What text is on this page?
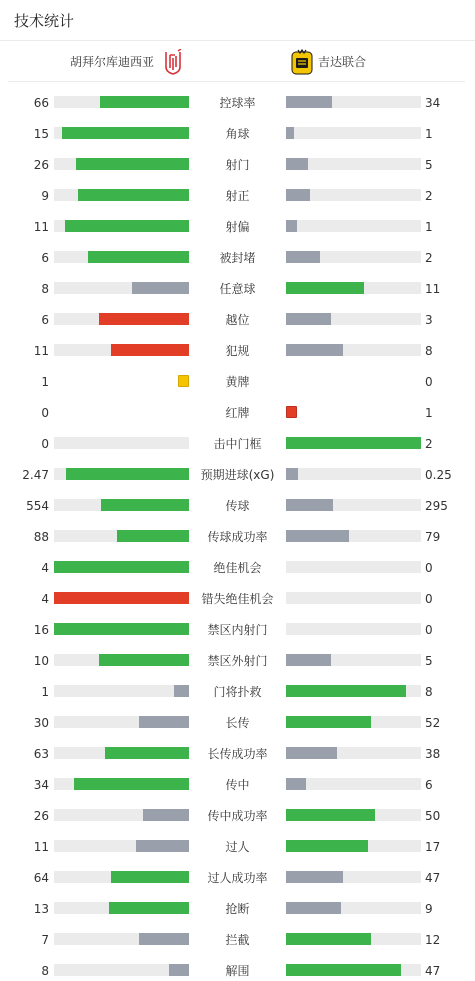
技术统计
胡拜尔库迪西亚	吉达联合
66	控球率	34
15	角球	1
26	射门	5
9	射正	2
11	射偏	1
6	被封堵	2
8	任意球	11
6	越位	3
11	犯规	8
1	黄牌	0
0	红牌	1
0	击中门框	2
2.47	预期进球(xG)	0.25
554	传球	295
88	传球成功率	79
4	绝佳机会	0
4	错失绝佳机会	0
16	禁区内射门	0
10	禁区外射门	5
1	门将扑救	8
30	长传	52
63	长传成功率	38
34	传中	6
26	传中成功率	50
11	过人	17
64	过人成功率	47
13	抢断	9
7	拦截	12
8	解围	47
